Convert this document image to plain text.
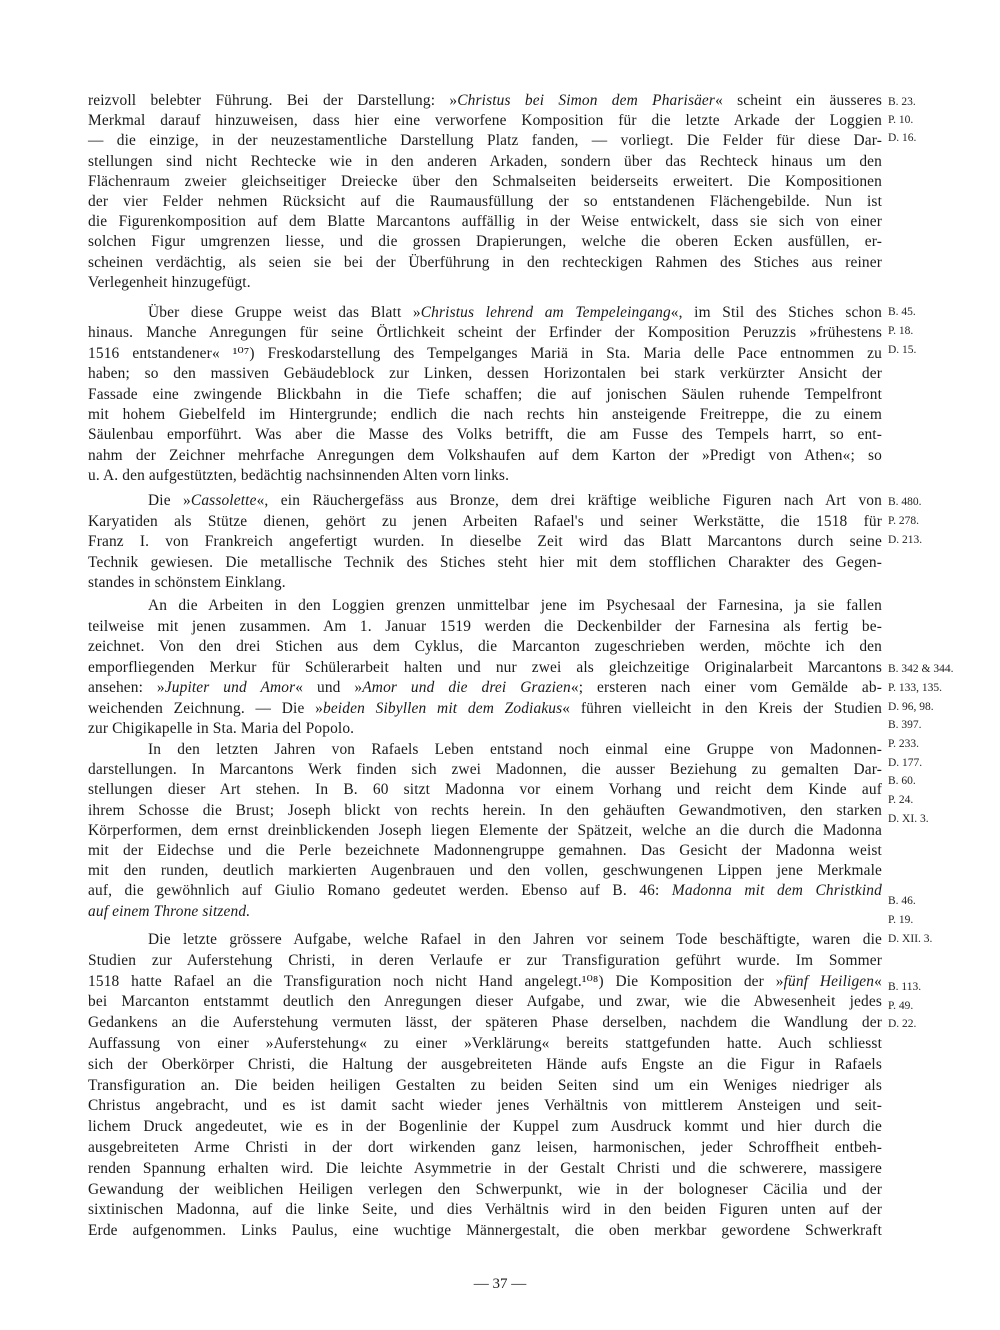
reizvoll belebter Führung. Bei der Darstellung: »Christus bei Simon dem Pharisäer« scheint ein äusseres
Merkmal darauf hinzuweisen, dass hier eine verworfene Komposition für die letzte Arkade der Loggien
— die einzige, in der neuzestamentliche Darstellung Platz fanden, — vorliegt. Die Felder für diese Dar-
stellungen sind nicht Rechtecke wie in den anderen Arkaden, sondern über das Rechteck hinaus um den
Flächenraum zweier gleichseitiger Dreiecke über den Schmalseiten beiderseits erweitert. Die Kompositionen
der vier Felder nehmen Rücksicht auf die Raumausfüllung der so entstandenen Flächengebilde. Nun ist
die Figurenkomposition auf dem Blatte Marcantons auffällig in der Weise entwickelt, dass sie sich von einer
solchen Figur umgrenzen liesse, und die grossen Drapierungen, welche die oberen Ecken ausfüllen, er-
scheinen verdächtig, als seien sie bei der Überführung in den rechteckigen Rahmen des Stiches aus reiner
Verlegenheit hinzugefügt.
Über diese Gruppe weist das Blatt »Christus lehrend am Tempeleingang«, im Stil des Stiches schon
hinaus. Manche Anregungen für seine Örtlichkeit scheint der Erfinder der Komposition Peruzzis »frühestens
1516 entstandener« ¹⁰⁷) Freskodarstellung des Tempelganges Mariä in Sta. Maria delle Pace entnommen zu
haben; so den massiven Gebäudeblock zur Linken, dessen Horizontalen bei stark verkürzter Ansicht der
Fassade eine zwingende Blickbahn in die Tiefe schaffen; die auf jonischen Säulen ruhende Tempelfront
mit hohem Giebelfeld im Hintergrunde; endlich die nach rechts hin ansteigende Freitreppe, die zu einem
Säulenbau emporführt. Was aber die Masse des Volks betrifft, die am Fusse des Tempels harrt, so ent-
nahm der Zeichner mehrfache Anregungen dem Volkshaufen auf dem Karton der »Predigt von Athen«; so
u. A. den aufgestützten, bedächtig nachsinnenden Alten vorn links.
Die »Cassolette«, ein Räuchergefäss aus Bronze, dem drei kräftige weibliche Figuren nach Art von
Karyatiden als Stütze dienen, gehört zu jenen Arbeiten Rafael's und seiner Werkstätte, die 1518 für
Franz I. von Frankreich angefertigt wurden. In dieselbe Zeit wird das Blatt Marcantons durch seine
Technik gewiesen. Die metallische Technik des Stiches steht hier mit dem stofflichen Charakter des Gegen-
standes in schönstem Einklang.
An die Arbeiten in den Loggien grenzen unmittelbar jene im Psychesaal der Farnesina, ja sie fallen
teilweise mit jenen zusammen. Am 1. Januar 1519 werden die Deckenbilder der Farnesina als fertig be-
zeichnet. Von den drei Stichen aus dem Cyklus, die Marcanton zugeschrieben werden, möchte ich den
emporfliegenden Merkur für Schülerarbeit halten und nur zwei als gleichzeitige Originalarbeit Marcantons
ansehen: »Jupiter und Amor« und »Amor und die drei Grazien«; ersteren nach einer vom Gemälde ab-
weichenden Zeichnung. — Die »beiden Sibyllen mit dem Zodiakus« führen vielleicht in den Kreis der Studien
zur Chigikapelle in Sta. Maria del Popolo.
In den letzten Jahren von Rafaels Leben entstand noch einmal eine Gruppe von Madonnen-
darstellungen. In Marcantons Werk finden sich zwei Madonnen, die ausser Beziehung zu gemalten Dar-
stellungen dieser Art stehen. In B. 60 sitzt Madonna vor einem Vorhang und reicht dem Kinde auf
ihrem Schosse die Brust; Joseph blickt von rechts herein. In den gehäuften Gewandmotiven, den starken
Körperformen, dem ernst dreinblickenden Joseph liegen Elemente der Spätzeit, welche an die durch die Madonna
mit der Eidechse und die Perle bezeichnete Madonnengruppe gemahnen. Das Gesicht der Madonna weist
mit den runden, deutlich markierten Augenbrauen und den vollen, geschwungenen Lippen jene Merkmale
auf, die gewöhnlich auf Giulio Romano gedeutet werden. Ebenso auf B. 46: Madonna mit dem Christkind
auf einem Throne sitzend.
Die letzte grössere Aufgabe, welche Rafael in den Jahren vor seinem Tode beschäftigte, waren die
Studien zur Auferstehung Christi, in deren Verlaufe er zur Transfiguration geführt wurde. Im Sommer
1518 hatte Rafael an die Transfiguration noch nicht Hand angelegt.¹⁰⁸) Die Komposition der »fünf Heiligen«
bei Marcanton entstammt deutlich den Anregungen dieser Aufgabe, und zwar, wie die Abwesenheit jedes
Gedankens an die Auferstehung vermuten lässt, der späteren Phase derselben, nachdem die Wandlung der
Auffassung von einer »Auferstehung« zu einer »Verklärung« bereits stattgefunden hatte. Auch schliesst
sich der Oberkörper Christi, die Haltung der ausgebreiteten Hände aufs Engste an die Figur in Rafaels
Transfiguration an. Die beiden heiligen Gestalten zu beiden Seiten sind um ein Weniges niedriger als
Christus angebracht, und es ist damit sacht wieder jenes Verhältnis von mittlerem Ansteigen und seit-
lichem Druck angedeutet, wie es in der Bogenlinie der Kuppel zum Ausdruck kommt und hier durch die
ausgebreiteten Arme Christi in der dort wirkenden ganz leisen, harmonischen, jeder Schroffheit entbeh-
renden Spannung erhalten wird. Die leichte Asymmetrie in der Gestalt Christi und die schwerere, massigere
Gewandung der weiblichen Heiligen verlegen den Schwerpunkt, wie in der bologneser Cäcilia und der
sixtinischen Madonna, auf die linke Seite, und dies Verhältnis wird in den beiden Figuren unten auf der
Erde aufgenommen. Links Paulus, eine wuchtige Männergestalt, die oben merkbar gewordene Schwerkraft
B. 23.
P. 10.
D. 16.
B. 45.
P. 18.
D. 15.
B. 480.
P. 278.
D. 213.
B. 342 & 344.
P. 133, 135.
D. 96, 98.
B. 397.
P. 233.
D. 177.
B. 60.
P. 24.
D. XI. 3.
B. 46.
P. 19.
D. XII. 3.
B. 113.
P. 49.
D. 22.
— 37 —
